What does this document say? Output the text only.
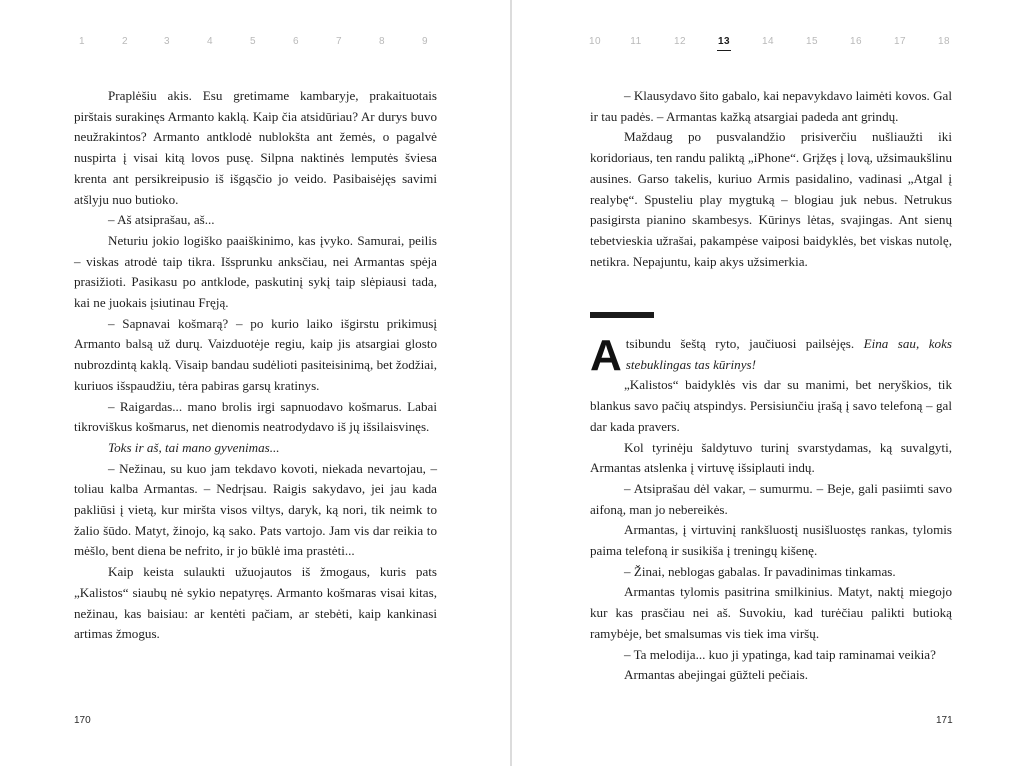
1	2	3	4	5	6	7	8	9

Praplėšiu akis. Esu gretimame kambaryje, prakaituotais pirštais surakinęs Armanto kaklą. Kaip čia atsidūriau? Ar durys buvo neužrakintos? Armanto antklodė nublokšta ant žemės, o pagalvė nuspirta į visai kitą lovos pusę. Silpna naktinės lemputės šviesa krenta ant persikreipusio iš išgąsčio jo veido. Pasibaisėjęs savimi atšlyju nuo butioko.

– Aš atsiprašau, aš...

Neturiu jokio logiško paaiškinimo, kas įvyko. Samurai, peilis – viskas atrodė taip tikra. Išsprunku anksčiau, nei Armantas spėja prasižioti. Pasikasu po antklode, paskutinį sykį taip slėpiausi tada, kai ne juokais įsiutinau Fręją.

– Sapnavai košmarą? – po kurio laiko išgirstu prikimusį Armanto balsą už durų. Vaizduotėje regiu, kaip jis atsargiai glosto nubrozdintą kaklą. Visaip bandau sudėlioti pasiteisinimą, bet žodžiai, kuriuos išspaudžiu, tėra pabiras garsų kratinys.

– Raigardas... mano brolis irgi sapnuodavo košmarus. Labai tikroviškus košmarus, net dienomis neatrodydavo iš jų išsilaisvinęs.

Toks ir aš, tai mano gyvenimas...

– Nežinau, su kuo jam tekdavo kovoti, niekada nevartojau, – toliau kalba Armantas. – Nedrįsau. Raigis sakydavo, jei jau kada pakliūsi į vietą, kur miršta visos viltys, daryk, ką nori, tik neimk to žalio šūdo. Matyt, žinojo, ką sako. Pats vartojo. Jam vis dar reikia to mėšlo, bent diena be nefrito, ir jo būklė ima prastėti...

Kaip keista sulaukti užuojautos iš žmogaus, kuris pats „Kalistos“ siaubų nė sykio nepatyręs. Armanto košmaras visai kitas, nežinau, kas baisiau: ar kentėti pačiam, ar stebėti, kaip kankinasi artimas žmogus.

170
10	11	12	13	14	15	16	17	18

– Klausydavo šito gabalo, kai nepavykdavo laimėti kovos. Gal ir tau padės. – Armantas kažką atsargiai padeda ant grindų.

Maždaug po pusvalandžio prisiverčiu nušliaužti iki koridoriaus, ten randu paliktą „iPhone“. Grįžęs į lovą, užsimaukšlinu ausines. Garso takelis, kuriuo Armis pasidalino, vadinasi „Atgal į realybę“. Spusteliu play mygtuką – blogiau juk nebus. Netrukus pasigirsta pianino skambesys. Kūrinys lėtas, svajingas. Ant sienų tebetvieskia užrašai, pakampėse vaiposi baidyklės, bet viskas nutolę, netikra. Nepajuntu, kaip akys užsimerkia.

Atsibundu šeštą ryto, jaučiuosi pailsėjęs. Eina sau, koks stebuklingas tas kūrinys!

„Kalistos“ baidyklės vis dar su manimi, bet neryškios, tik blankus savo pačių atspindys. Persisiunčiu įrašą į savo telefoną – gal dar kada pravers.

Kol tyrinėju šaldytuvo turinį svarstydamas, ką suvalgyti, Armantas atslenka į virtuvę išsiplauti indų.

– Atsiprašau dėl vakar, – sumurmu. – Beje, gali pasiimti savo aifoną, man jo nebereikės.

Armantas, į virtuvinį rankšluostį nusišluostęs rankas, tylomis paima telefoną ir susikiša į treningų kišenę.

– Žinai, neblogas gabalas. Ir pavadinimas tinkamas.

Armantas tylomis pasitrina smilkinius. Matyt, naktį miegojo kur kas prasčiau nei aš. Suvokiu, kad turėčiau palikti butioką ramybėje, bet smalsumas vis tiek ima viršų.

– Ta melodija... kuo ji ypatinga, kad taip raminamai veikia?

Armantas abejingai gūžteli pečiais.

171
